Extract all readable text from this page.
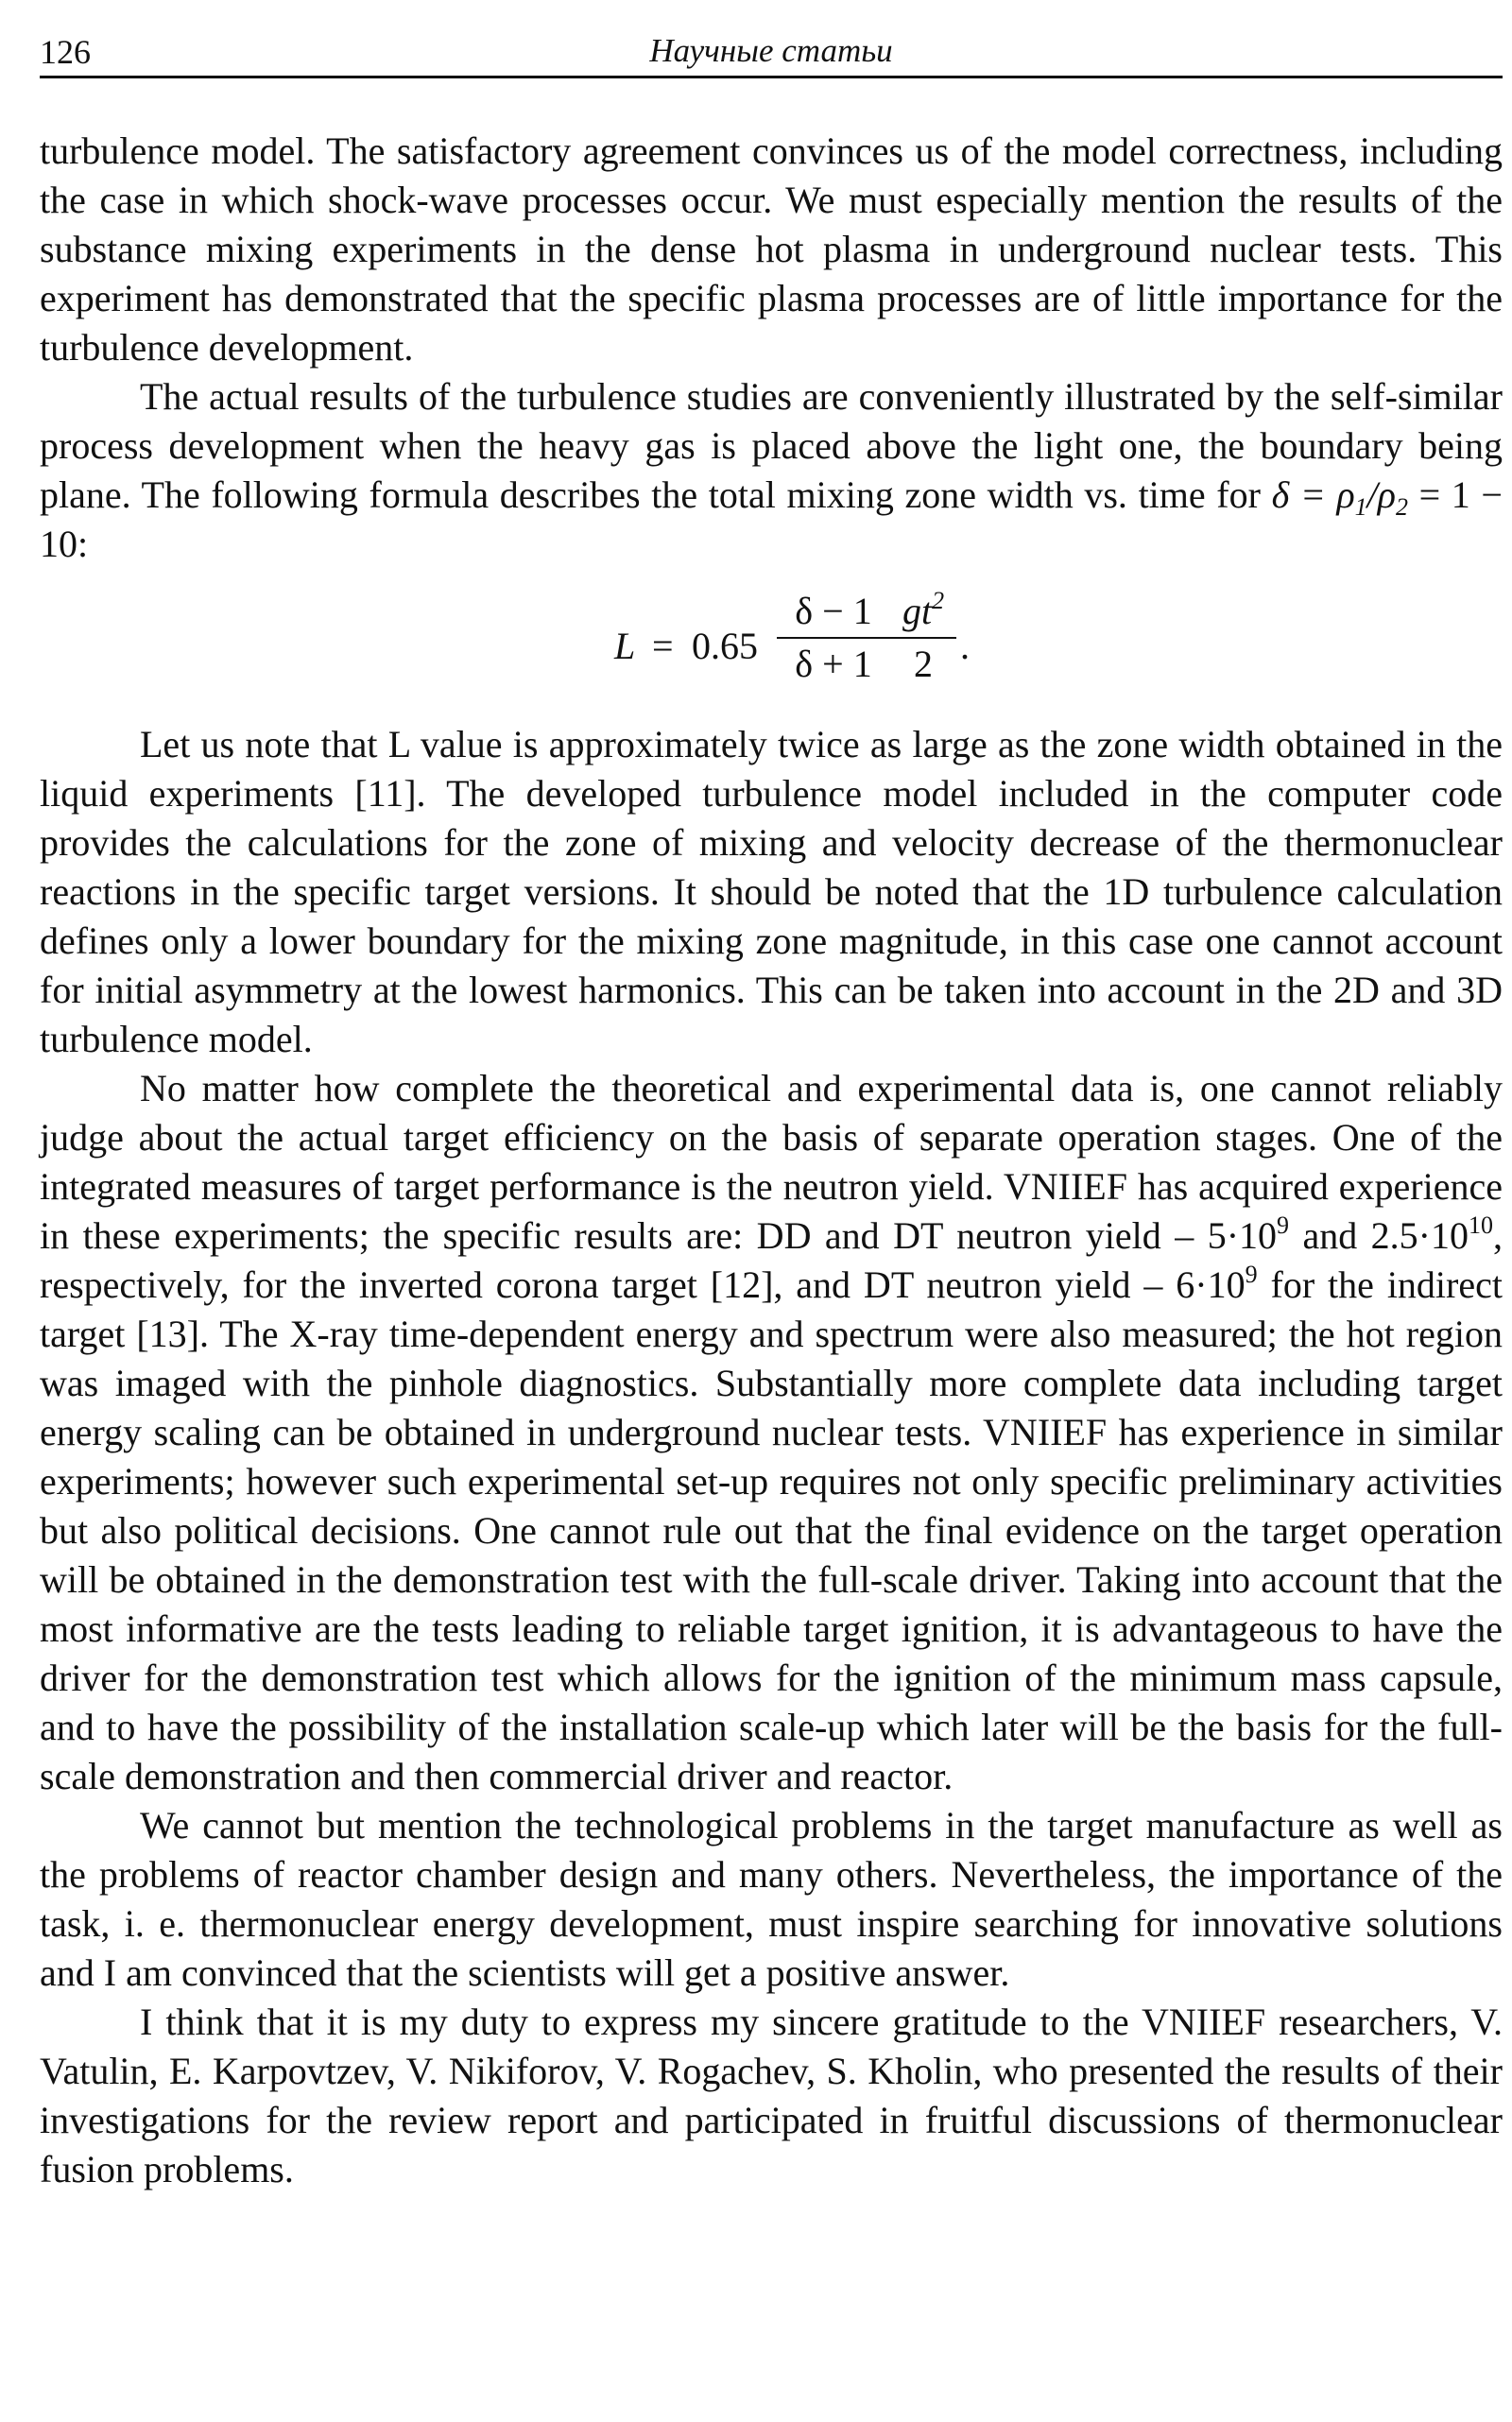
126	Научные статьи

turbulence model. The satisfactory agreement convinces us of the model correctness, including the case in which shock-wave processes occur. We must especially mention the results of the substance mixing experiments in the dense hot plasma in underground nuclear tests. This experiment has demonstrated that the specific plasma processes are of little importance for the turbulence development.

The actual results of the turbulence studies are conveniently illustrated by the self-similar process development when the heavy gas is placed above the light one, the boundary being plane. The following formula describes the total mixing zone width vs. time for $\delta = \rho_1/\rho_2 = 1 - 10$:

$L = 0.65 \frac{\delta - 1}{\delta + 1} \frac{gt^2}{2}$ .

Let us note that L value is approximately twice as large as the zone width obtained in the liquid experiments [11]. The developed turbulence model included in the computer code provides the calculations for the zone of mixing and velocity decrease of the thermonuclear reactions in the specific target versions. It should be noted that the 1D turbulence calculation defines only a lower boundary for the mixing zone magnitude, in this case one cannot account for initial asymmetry at the lowest harmonics. This can be taken into account in the 2D and 3D turbulence model.

No matter how complete the theoretical and experimental data is, one cannot reliably judge about the actual target efficiency on the basis of separate operation stages. One of the integrated measures of target performance is the neutron yield. VNIIEF has acquired experience in these experiments; the specific results are: DD and DT neutron yield – $5\cdot 10^9$ and $2.5\cdot 10^{10}$, respectively, for the inverted corona target [12], and DT neutron yield – $6\cdot 10^9$ for the indirect target [13]. The X-ray time-dependent energy and spectrum were also measured; the hot region was imaged with the pinhole diagnostics. Substantially more complete data including target energy scaling can be obtained in underground nuclear tests. VNIIEF has experience in similar experiments; however such experimental set-up requires not only specific preliminary activities but also political decisions. One cannot rule out that the final evidence on the target operation will be obtained in the demonstration test with the full-scale driver. Taking into account that the most informative are the tests leading to reliable target ignition, it is advantageous to have the driver for the demonstration test which allows for the ignition of the minimum mass capsule, and to have the possibility of the installation scale-up which later will be the basis for the full-scale demonstration and then commercial driver and reactor.

We cannot but mention the technological problems in the target manufacture as well as the problems of reactor chamber design and many others. Nevertheless, the importance of the task, i. e. thermonuclear energy development, must inspire searching for innovative solutions and I am convinced that the scientists will get a positive answer.

I think that it is my duty to express my sincere gratitude to the VNIIEF researchers, V. Vatulin, E. Karpovtzev, V. Nikiforov, V. Rogachev, S. Kholin, who presented the results of their investigations for the review report and participated in fruitful discussions of thermonuclear fusion problems.
